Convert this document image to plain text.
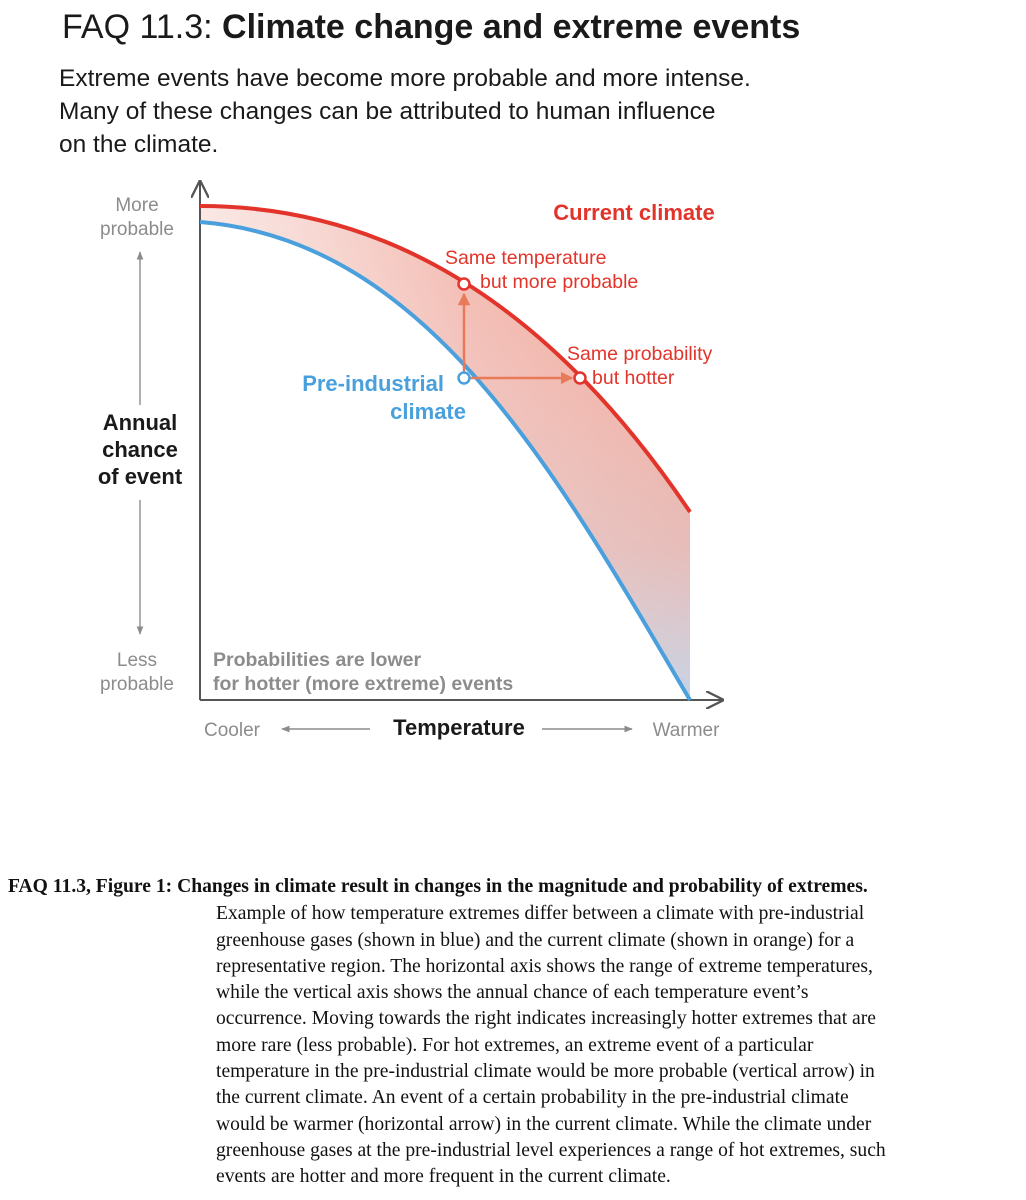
FAQ 11.3: Climate change and extreme events
Extreme events have become more probable and more intense.
Many of these changes can be attributed to human influence
on the climate.
More
probable
Annual
chance
of event
Less
probable
Cooler	Temperature	Warmer
Current climate
Same temperature
but more probable
Same probability
but hotter
Pre-industrial
climate
Probabilities are lower
for hotter (more extreme) events
FAQ 11.3, Figure 1: Changes in climate result in changes in the magnitude and probability of extremes.
Example of how temperature extremes differ between a climate with pre-industrial
greenhouse gases (shown in blue) and the current climate (shown in orange) for a
representative region. The horizontal axis shows the range of extreme temperatures,
while the vertical axis shows the annual chance of each temperature event’s
occurrence. Moving towards the right indicates increasingly hotter extremes that are
more rare (less probable). For hot extremes, an extreme event of a particular
temperature in the pre-industrial climate would be more probable (vertical arrow) in
the current climate. An event of a certain probability in the pre-industrial climate
would be warmer (horizontal arrow) in the current climate. While the climate under
greenhouse gases at the pre-industrial level experiences a range of hot extremes, such
events are hotter and more frequent in the current climate.
